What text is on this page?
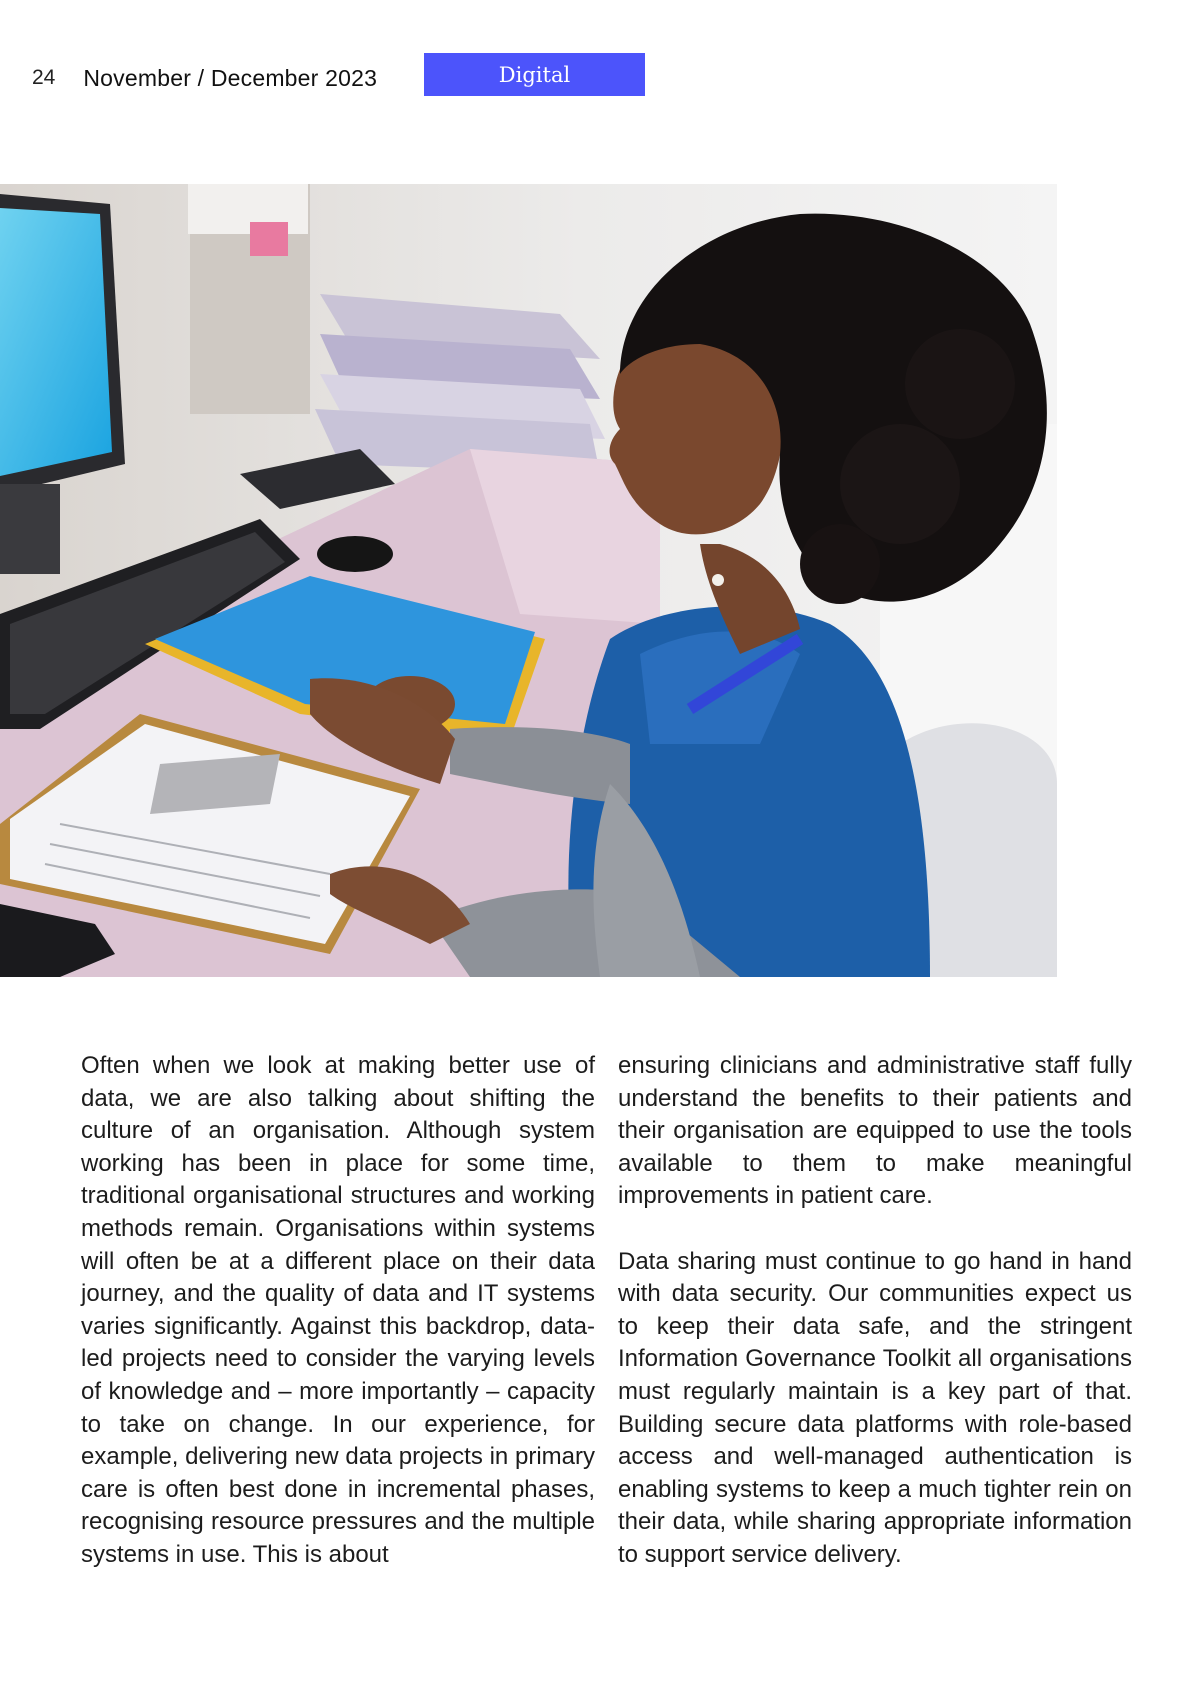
24 November / December 2023	Digital

Often when we look at making better use of data, we are also talking about shifting the culture of an organisation. Although system working has been in place for some time, traditional organisational structures and working methods remain. Organisations within systems will often be at a different place on their data journey, and the quality of data and IT systems varies significantly. Against this backdrop, data-led projects need to consider the varying levels of knowledge and – more importantly – capacity to take on change. In our experience, for example, delivering new data projects in primary care is often best done in incremental phases, recognising resource pressures and the multiple systems in use. This is about

ensuring clinicians and administrative staff fully understand the benefits to their patients and their organisation are equipped to use the tools available to them to make meaningful improvements in patient care.

Data sharing must continue to go hand in hand with data security. Our communities expect us to keep their data safe, and the stringent Information Governance Toolkit all organisations must regularly maintain is a key part of that. Building secure data platforms with role-based access and well-managed authentication is enabling systems to keep a much tighter rein on their data, while sharing appropriate information to support service delivery.
